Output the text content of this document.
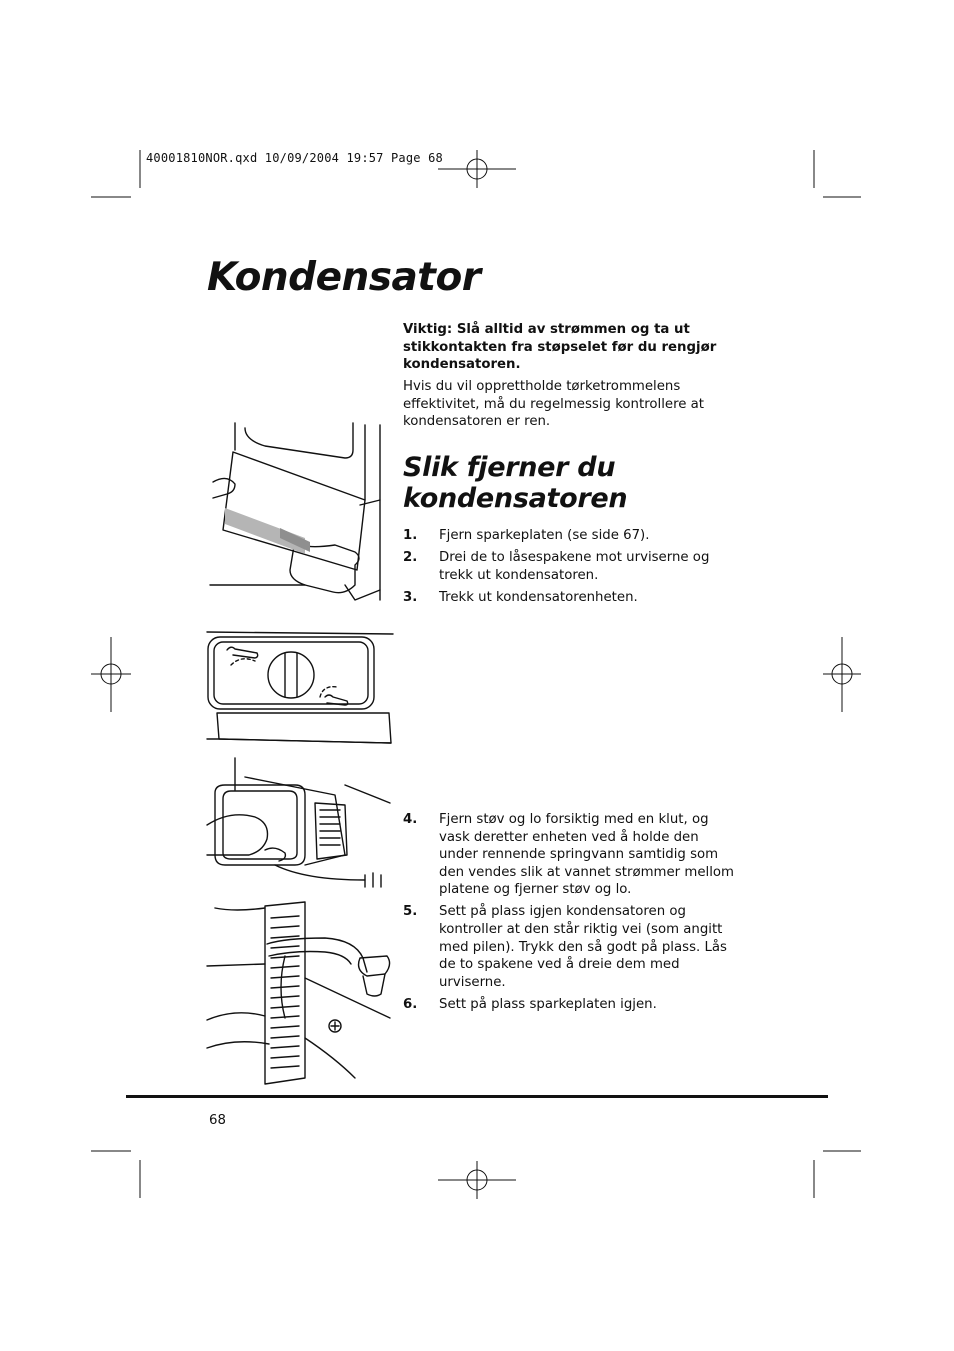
40001810NOR.qxd 10/09/2004 19:57 Page 68
Kondensator

Viktig: Slå alltid av strømmen og ta ut stikkontakten fra støpselet før du rengjør kondensatoren.

Hvis du vil opprettholde tørketrommelens effektivitet, må du regelmessig kontrollere at kondensatoren er ren.

Slik fjerner du kondensatoren
1. Fjern sparkeplaten (se side 67).
2. Drei de to låsespakene mot urviserne og trekk ut kondensatoren.
3. Trekk ut kondensatorenheten.
4. Fjern støv og lo forsiktig med en klut, og vask deretter enheten ved å holde den under rennende springvann samtidig som den vendes slik at vannet strømmer mellom platene og fjerner støv og lo.
5. Sett på plass igjen kondensatoren og kontroller at den står riktig vei (som angitt med pilen). Trykk den så godt på plass. Lås de to spakene ved å dreie dem med urviserne.
6. Sett på plass sparkeplaten igjen.
68
